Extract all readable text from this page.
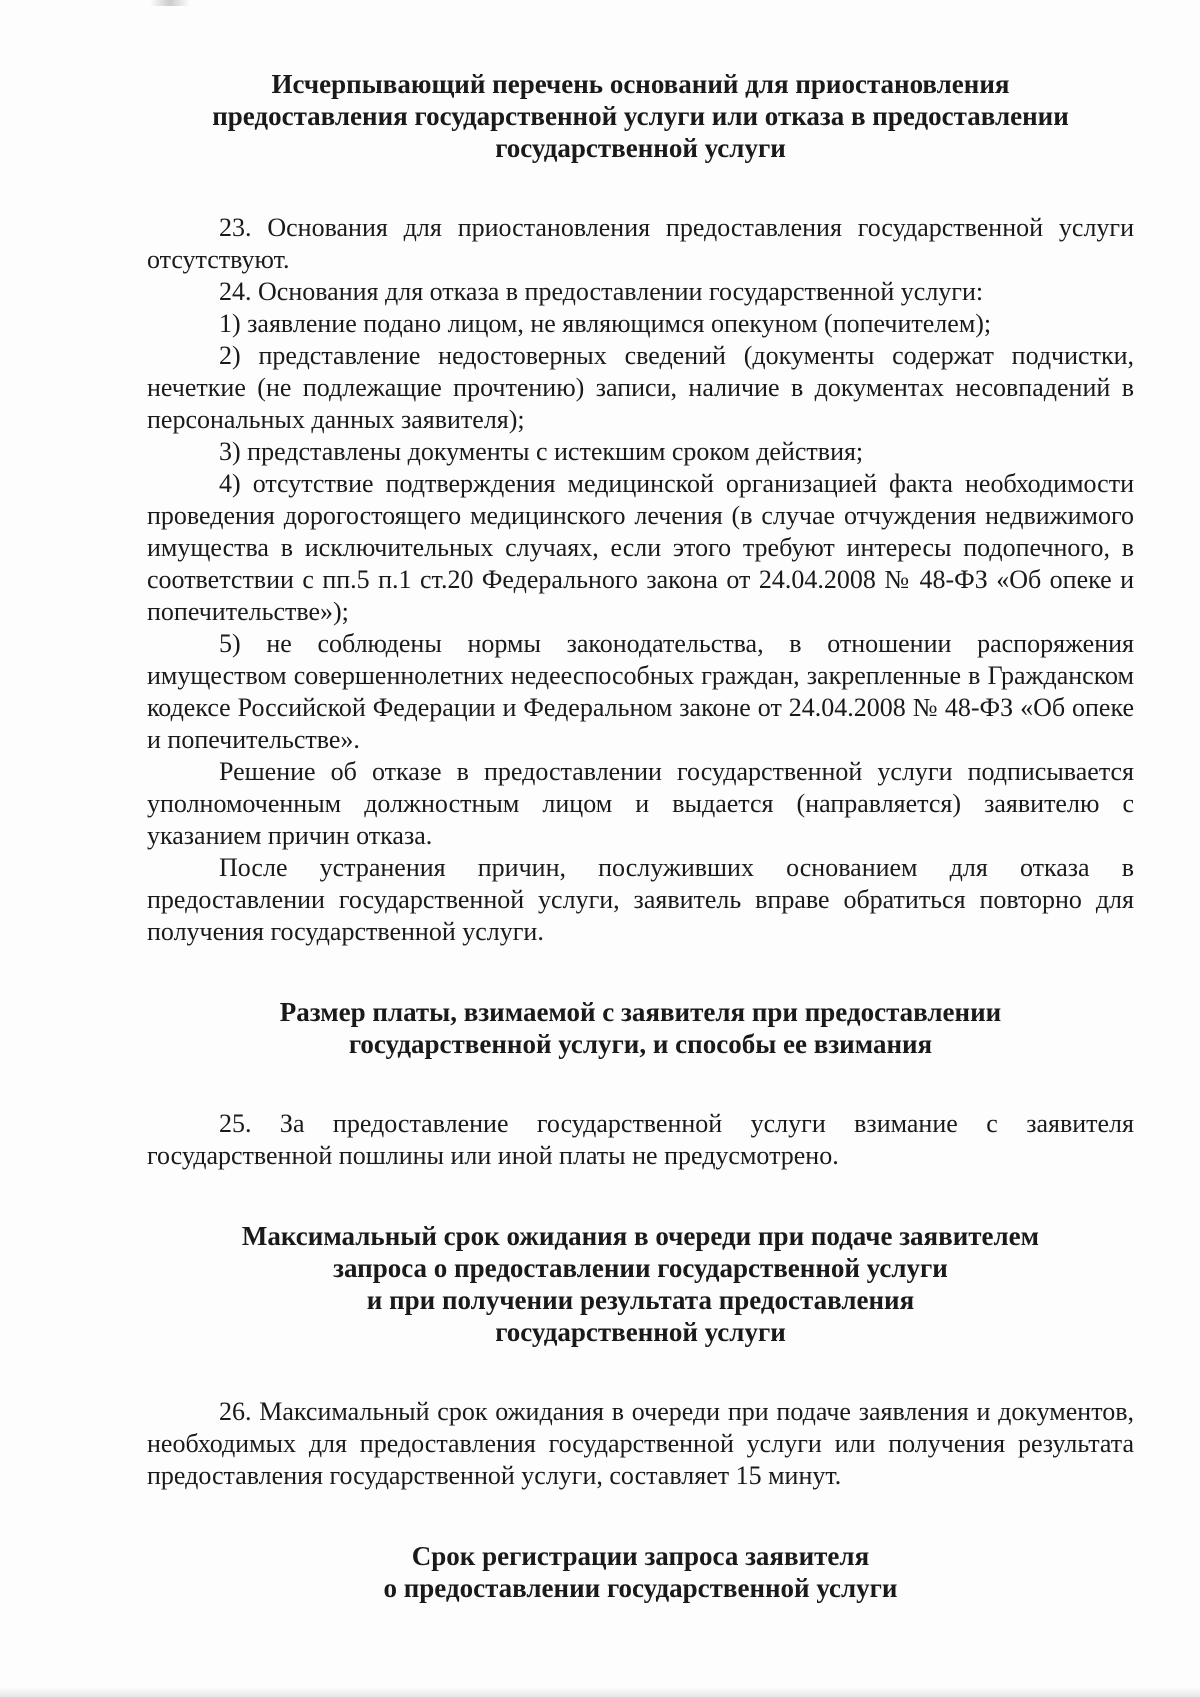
Исчерпывающий перечень оснований для приостановления
предоставления государственной услуги или отказа в предоставлении
государственной услуги

23. Основания для приостановления предоставления государственной услуги отсутствуют.

24. Основания для отказа в предоставлении государственной услуги:

1) заявление подано лицом, не являющимся опекуном (попечителем);

2) представление недостоверных сведений (документы содержат подчистки, нечеткие (не подлежащие прочтению) записи, наличие в документах несовпадений в персональных данных заявителя);

3) представлены документы с истекшим сроком действия;

4) отсутствие подтверждения медицинской организацией факта необходимости проведения дорогостоящего медицинского лечения (в случае отчуждения недвижимого имущества в исключительных случаях, если этого требуют интересы подопечного, в соответствии с пп.5 п.1 ст.20 Федерального закона от 24.04.2008 № 48-ФЗ «Об опеке и попечительстве»);

5) не соблюдены нормы законодательства, в отношении распоряжения имуществом совершеннолетних недееспособных граждан, закрепленные в Гражданском кодексе Российской Федерации и Федеральном законе от 24.04.2008 № 48-ФЗ «Об опеке и попечительстве».

Решение об отказе в предоставлении государственной услуги подписывается уполномоченным должностным лицом и выдается (направляется) заявителю с указанием причин отказа.

После устранения причин, послуживших основанием для отказа в предоставлении государственной услуги, заявитель вправе обратиться повторно для получения государственной услуги.

Размер платы, взимаемой с заявителя при предоставлении
государственной услуги, и способы ее взимания

25. За предоставление государственной услуги взимание с заявителя государственной пошлины или иной платы не предусмотрено.

Максимальный срок ожидания в очереди при подаче заявителем
запроса о предоставлении государственной услуги
и при получении результата предоставления
государственной услуги

26. Максимальный срок ожидания в очереди при подаче заявления и документов, необходимых для предоставления государственной услуги или получения результата предоставления государственной услуги, составляет 15 минут.

Срок регистрации запроса заявителя
о предоставлении государственной услуги
